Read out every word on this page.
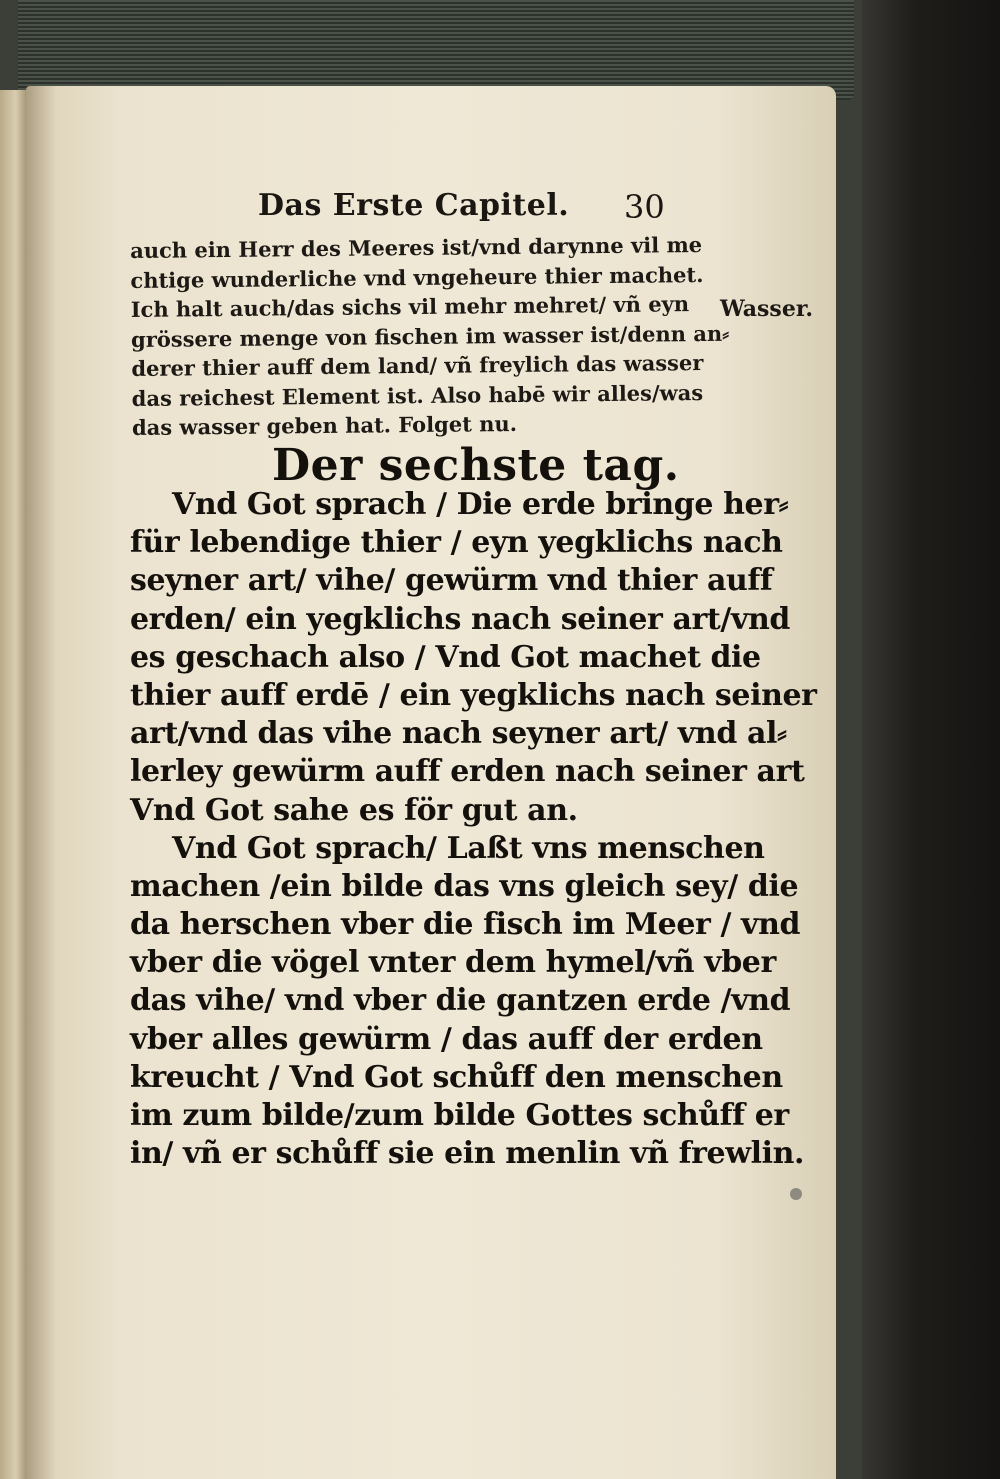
Das Erste Capitel. 30
auch ein Herr des Meeres ist/vnd darynne vil me
chtige wunderliche vnd vngeheure thier machet.
Ich halt auch/das sichs vil mehr mehret/ vñ eyn
grössere menge von fischen im wasser ist/denn an⸗
derer thier auff dem land/ vñ freylich das wasser
das reichest Element ist. Also habē wir alles/was
das wasser geben hat. Folget nu.
Wasser.
Der sechste tag.
Vnd Got sprach / Die erde bringe her⸗
für lebendige thier / eyn yegklichs nach
seyner art/ vihe/ gewürm vnd thier auff
erden/ ein yegklichs nach seiner art/vnd
es geschach also / Vnd Got machet die
thier auff erdē / ein yegklichs nach seiner
art/vnd das vihe nach seyner art/ vnd al⸗
lerley gewürm auff erden nach seiner art
Vnd Got sahe es för gut an.
Vnd Got sprach/ Laßt vns menschen
machen /ein bilde das vns gleich sey/ die
da herschen vber die fisch im Meer / vnd
vber die vögel vnter dem hymel/vñ vber
das vihe/ vnd vber die gantzen erde /vnd
vber alles gewürm / das auff der erden
kreucht / Vnd Got schůff den menschen
im zum bilde/zum bilde Gottes schůff er
in/ vñ er schůff sie ein menlin vñ frewlin.
